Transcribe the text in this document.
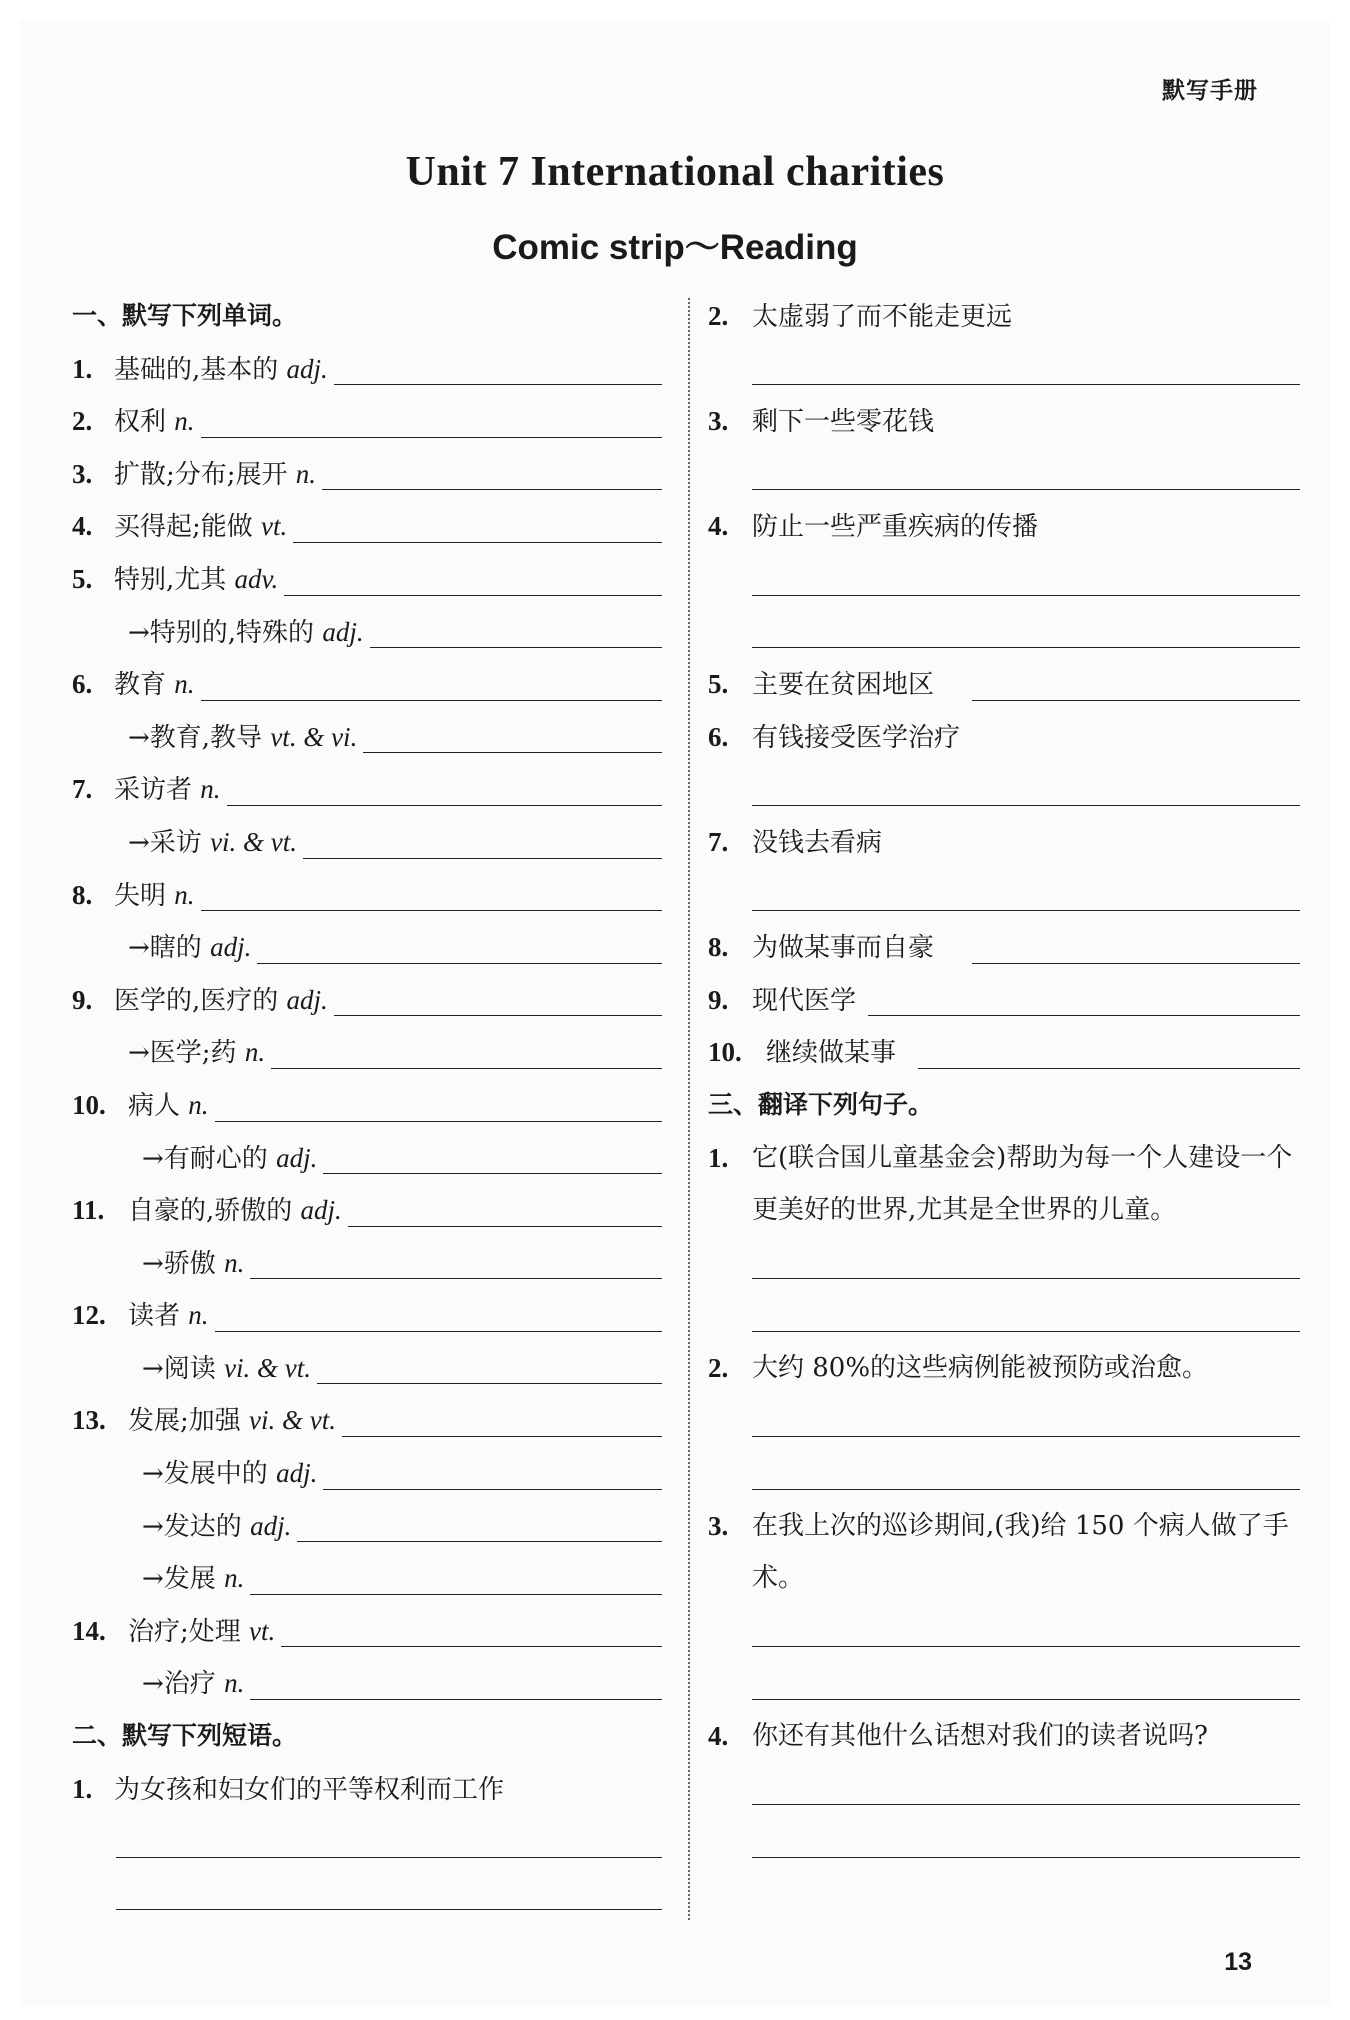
默写手册
Unit 7 International charities
Comic strip～Reading
一、默写下列单词。
1. 基础的,基本的 adj.
2. 权利 n.
3. 扩散;分布;展开 n.
4. 买得起;能做 vt.
5. 特别,尤其 adv.
→特别的,特殊的 adj.
6. 教育 n.
→教育,教导 vt. & vi.
7. 采访者 n.
→采访 vi. & vt.
8. 失明 n.
→瞎的 adj.
9. 医学的,医疗的 adj.
→医学;药 n.
10. 病人 n.
→有耐心的 adj.
11. 自豪的,骄傲的 adj.
→骄傲 n.
12. 读者 n.
→阅读 vi. & vt.
13. 发展;加强 vi. & vt.
→发展中的 adj.
→发达的 adj.
→发展 n.
14. 治疗;处理 vt.
→治疗 n.
二、默写下列短语。
1. 为女孩和妇女们的平等权利而工作
2. 太虚弱了而不能走更远
3. 剩下一些零花钱
4. 防止一些严重疾病的传播
5. 主要在贫困地区
6. 有钱接受医学治疗
7. 没钱去看病
8. 为做某事而自豪
9. 现代医学
10. 继续做某事
三、翻译下列句子。
1. 它(联合国儿童基金会)帮助为每一个人建设一个更美好的世界,尤其是全世界的儿童。
2. 大约 80%的这些病例能被预防或治愈。
3. 在我上次的巡诊期间,(我)给 150 个病人做了手术。
4. 你还有其他什么话想对我们的读者说吗?
13
